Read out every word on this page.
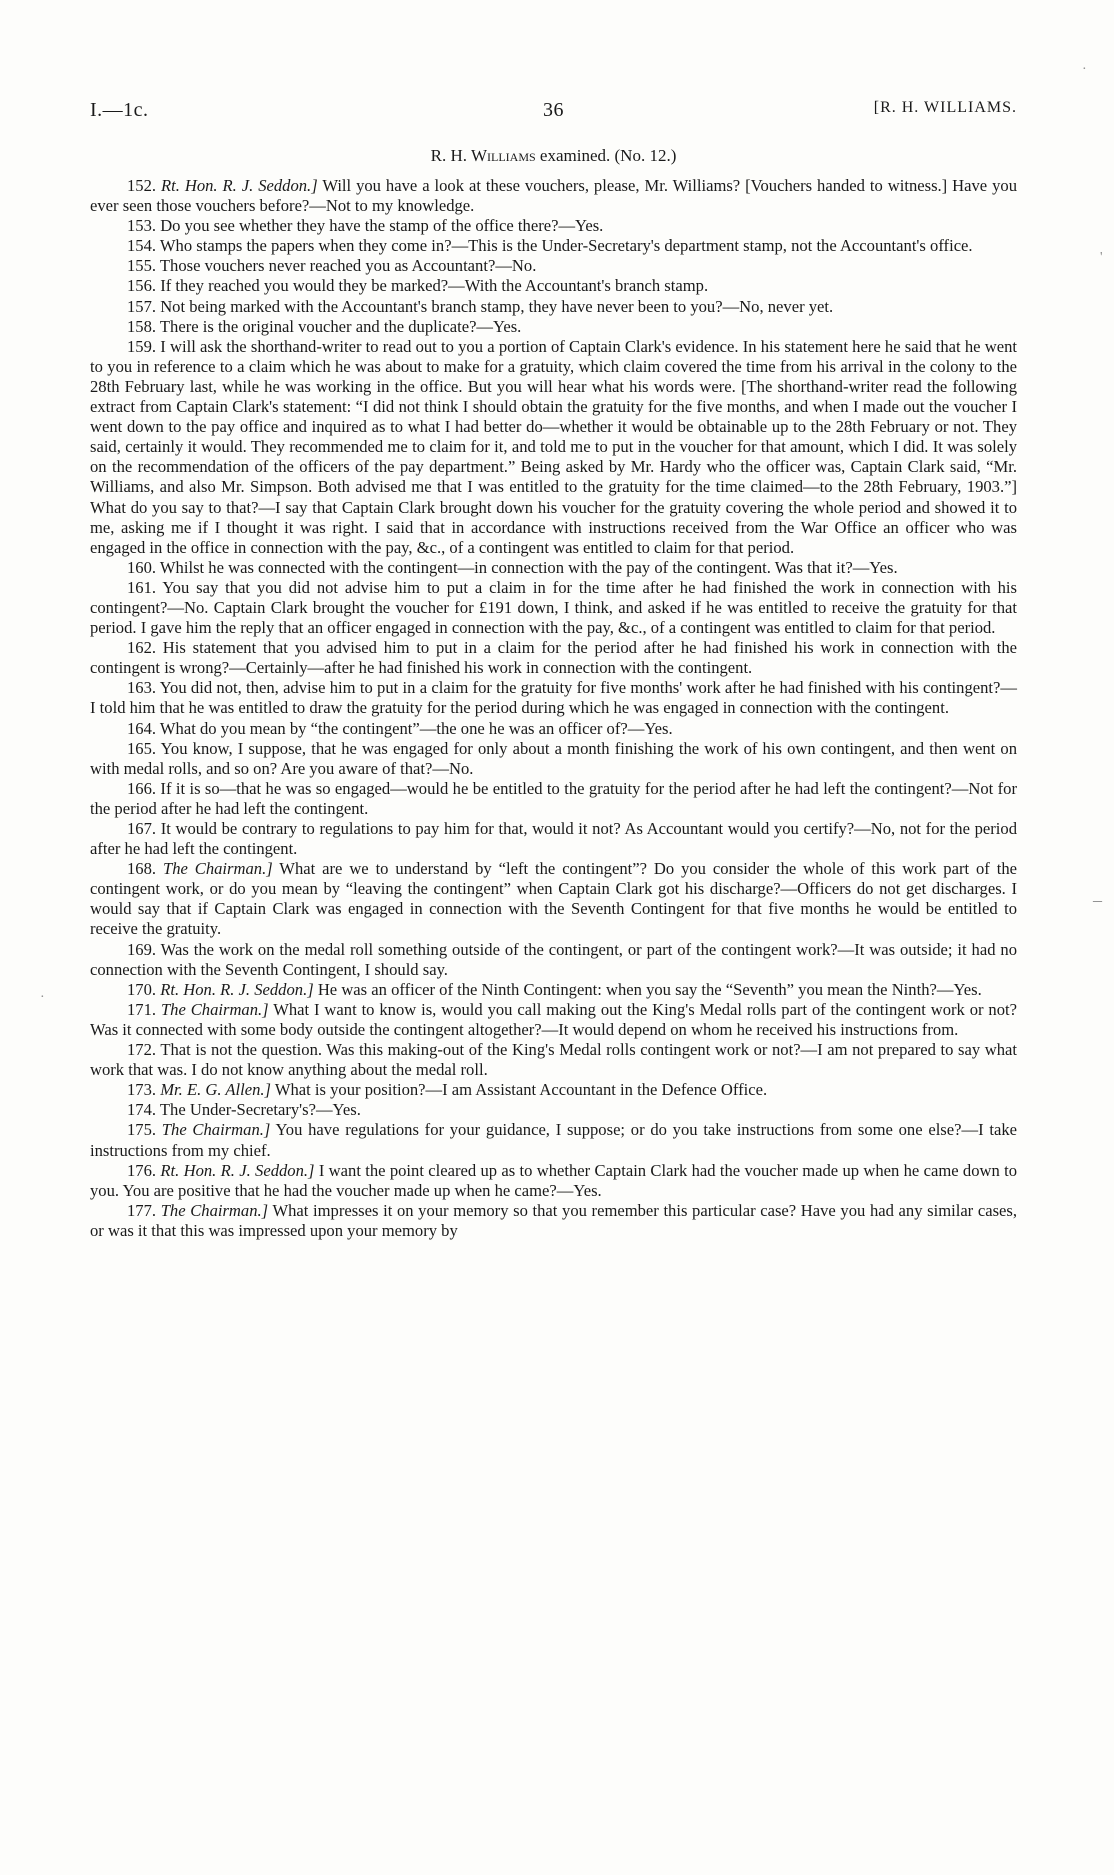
I.—1c.	36	[R. H. WILLIAMS.
R. H. Williams examined. (No. 12.)

152. Rt. Hon. R. J. Seddon.] Will you have a look at these vouchers, please, Mr. Williams? [Vouchers handed to witness.] Have you ever seen those vouchers before?—Not to my knowledge.

153. Do you see whether they have the stamp of the office there?—Yes.

154. Who stamps the papers when they come in?—This is the Under-Secretary's department stamp, not the Accountant's office.

155. Those vouchers never reached you as Accountant?—No.

156. If they reached you would they be marked?—With the Accountant's branch stamp.

157. Not being marked with the Accountant's branch stamp, they have never been to you?—No, never yet.

158. There is the original voucher and the duplicate?—Yes.

159. I will ask the shorthand-writer to read out to you a portion of Captain Clark's evidence. In his statement here he said that he went to you in reference to a claim which he was about to make for a gratuity, which claim covered the time from his arrival in the colony to the 28th February last, while he was working in the office. But you will hear what his words were. [The shorthand-writer read the following extract from Captain Clark's statement: “I did not think I should obtain the gratuity for the five months, and when I made out the voucher I went down to the pay office and inquired as to what I had better do—whether it would be obtainable up to the 28th February or not. They said, certainly it would. They recommended me to claim for it, and told me to put in the voucher for that amount, which I did. It was solely on the recommendation of the officers of the pay department.” Being asked by Mr. Hardy who the officer was, Captain Clark said, “Mr. Williams, and also Mr. Simpson. Both advised me that I was entitled to the gratuity for the time claimed—to the 28th February, 1903.”] What do you say to that?—I say that Captain Clark brought down his voucher for the gratuity covering the whole period and showed it to me, asking me if I thought it was right. I said that in accordance with instructions received from the War Office an officer who was engaged in the office in connection with the pay, &c., of a contingent was entitled to claim for that period.

160. Whilst he was connected with the contingent—in connection with the pay of the contingent. Was that it?—Yes.

161. You say that you did not advise him to put a claim in for the time after he had finished the work in connection with his contingent?—No. Captain Clark brought the voucher for £191 down, I think, and asked if he was entitled to receive the gratuity for that period. I gave him the reply that an officer engaged in connection with the pay, &c., of a contingent was entitled to claim for that period.

162. His statement that you advised him to put in a claim for the period after he had finished his work in connection with the contingent is wrong?—Certainly—after he had finished his work in connection with the contingent.

163. You did not, then, advise him to put in a claim for the gratuity for five months' work after he had finished with his contingent?—I told him that he was entitled to draw the gratuity for the period during which he was engaged in connection with the contingent.

164. What do you mean by “the contingent”—the one he was an officer of?—Yes.

165. You know, I suppose, that he was engaged for only about a month finishing the work of his own contingent, and then went on with medal rolls, and so on? Are you aware of that?—No.

166. If it is so—that he was so engaged—would he be entitled to the gratuity for the period after he had left the contingent?—Not for the period after he had left the contingent.

167. It would be contrary to regulations to pay him for that, would it not? As Accountant would you certify?—No, not for the period after he had left the contingent.

168. The Chairman.] What are we to understand by “left the contingent”? Do you consider the whole of this work part of the contingent work, or do you mean by “leaving the contingent” when Captain Clark got his discharge?—Officers do not get discharges. I would say that if Captain Clark was engaged in connection with the Seventh Contingent for that five months he would be entitled to receive the gratuity.

169. Was the work on the medal roll something outside of the contingent, or part of the contingent work?—It was outside; it had no connection with the Seventh Contingent, I should say.

170. Rt. Hon. R. J. Seddon.] He was an officer of the Ninth Contingent: when you say the “Seventh” you mean the Ninth?—Yes.

171. The Chairman.] What I want to know is, would you call making out the King's Medal rolls part of the contingent work or not? Was it connected with some body outside the contingent altogether?—It would depend on whom he received his instructions from.

172. That is not the question. Was this making-out of the King's Medal rolls contingent work or not?—I am not prepared to say what work that was. I do not know anything about the medal roll.

173. Mr. E. G. Allen.] What is your position?—I am Assistant Accountant in the Defence Office.

174. The Under-Secretary's?—Yes.

175. The Chairman.] You have regulations for your guidance, I suppose; or do you take instructions from some one else?—I take instructions from my chief.

176. Rt. Hon. R. J. Seddon.] I want the point cleared up as to whether Captain Clark had the voucher made up when he came down to you. You are positive that he had the voucher made up when he came?—Yes.

177. The Chairman.] What impresses it on your memory so that you remember this particular case? Have you had any similar cases, or was it that this was impressed upon your memory by

·
'
–
·
